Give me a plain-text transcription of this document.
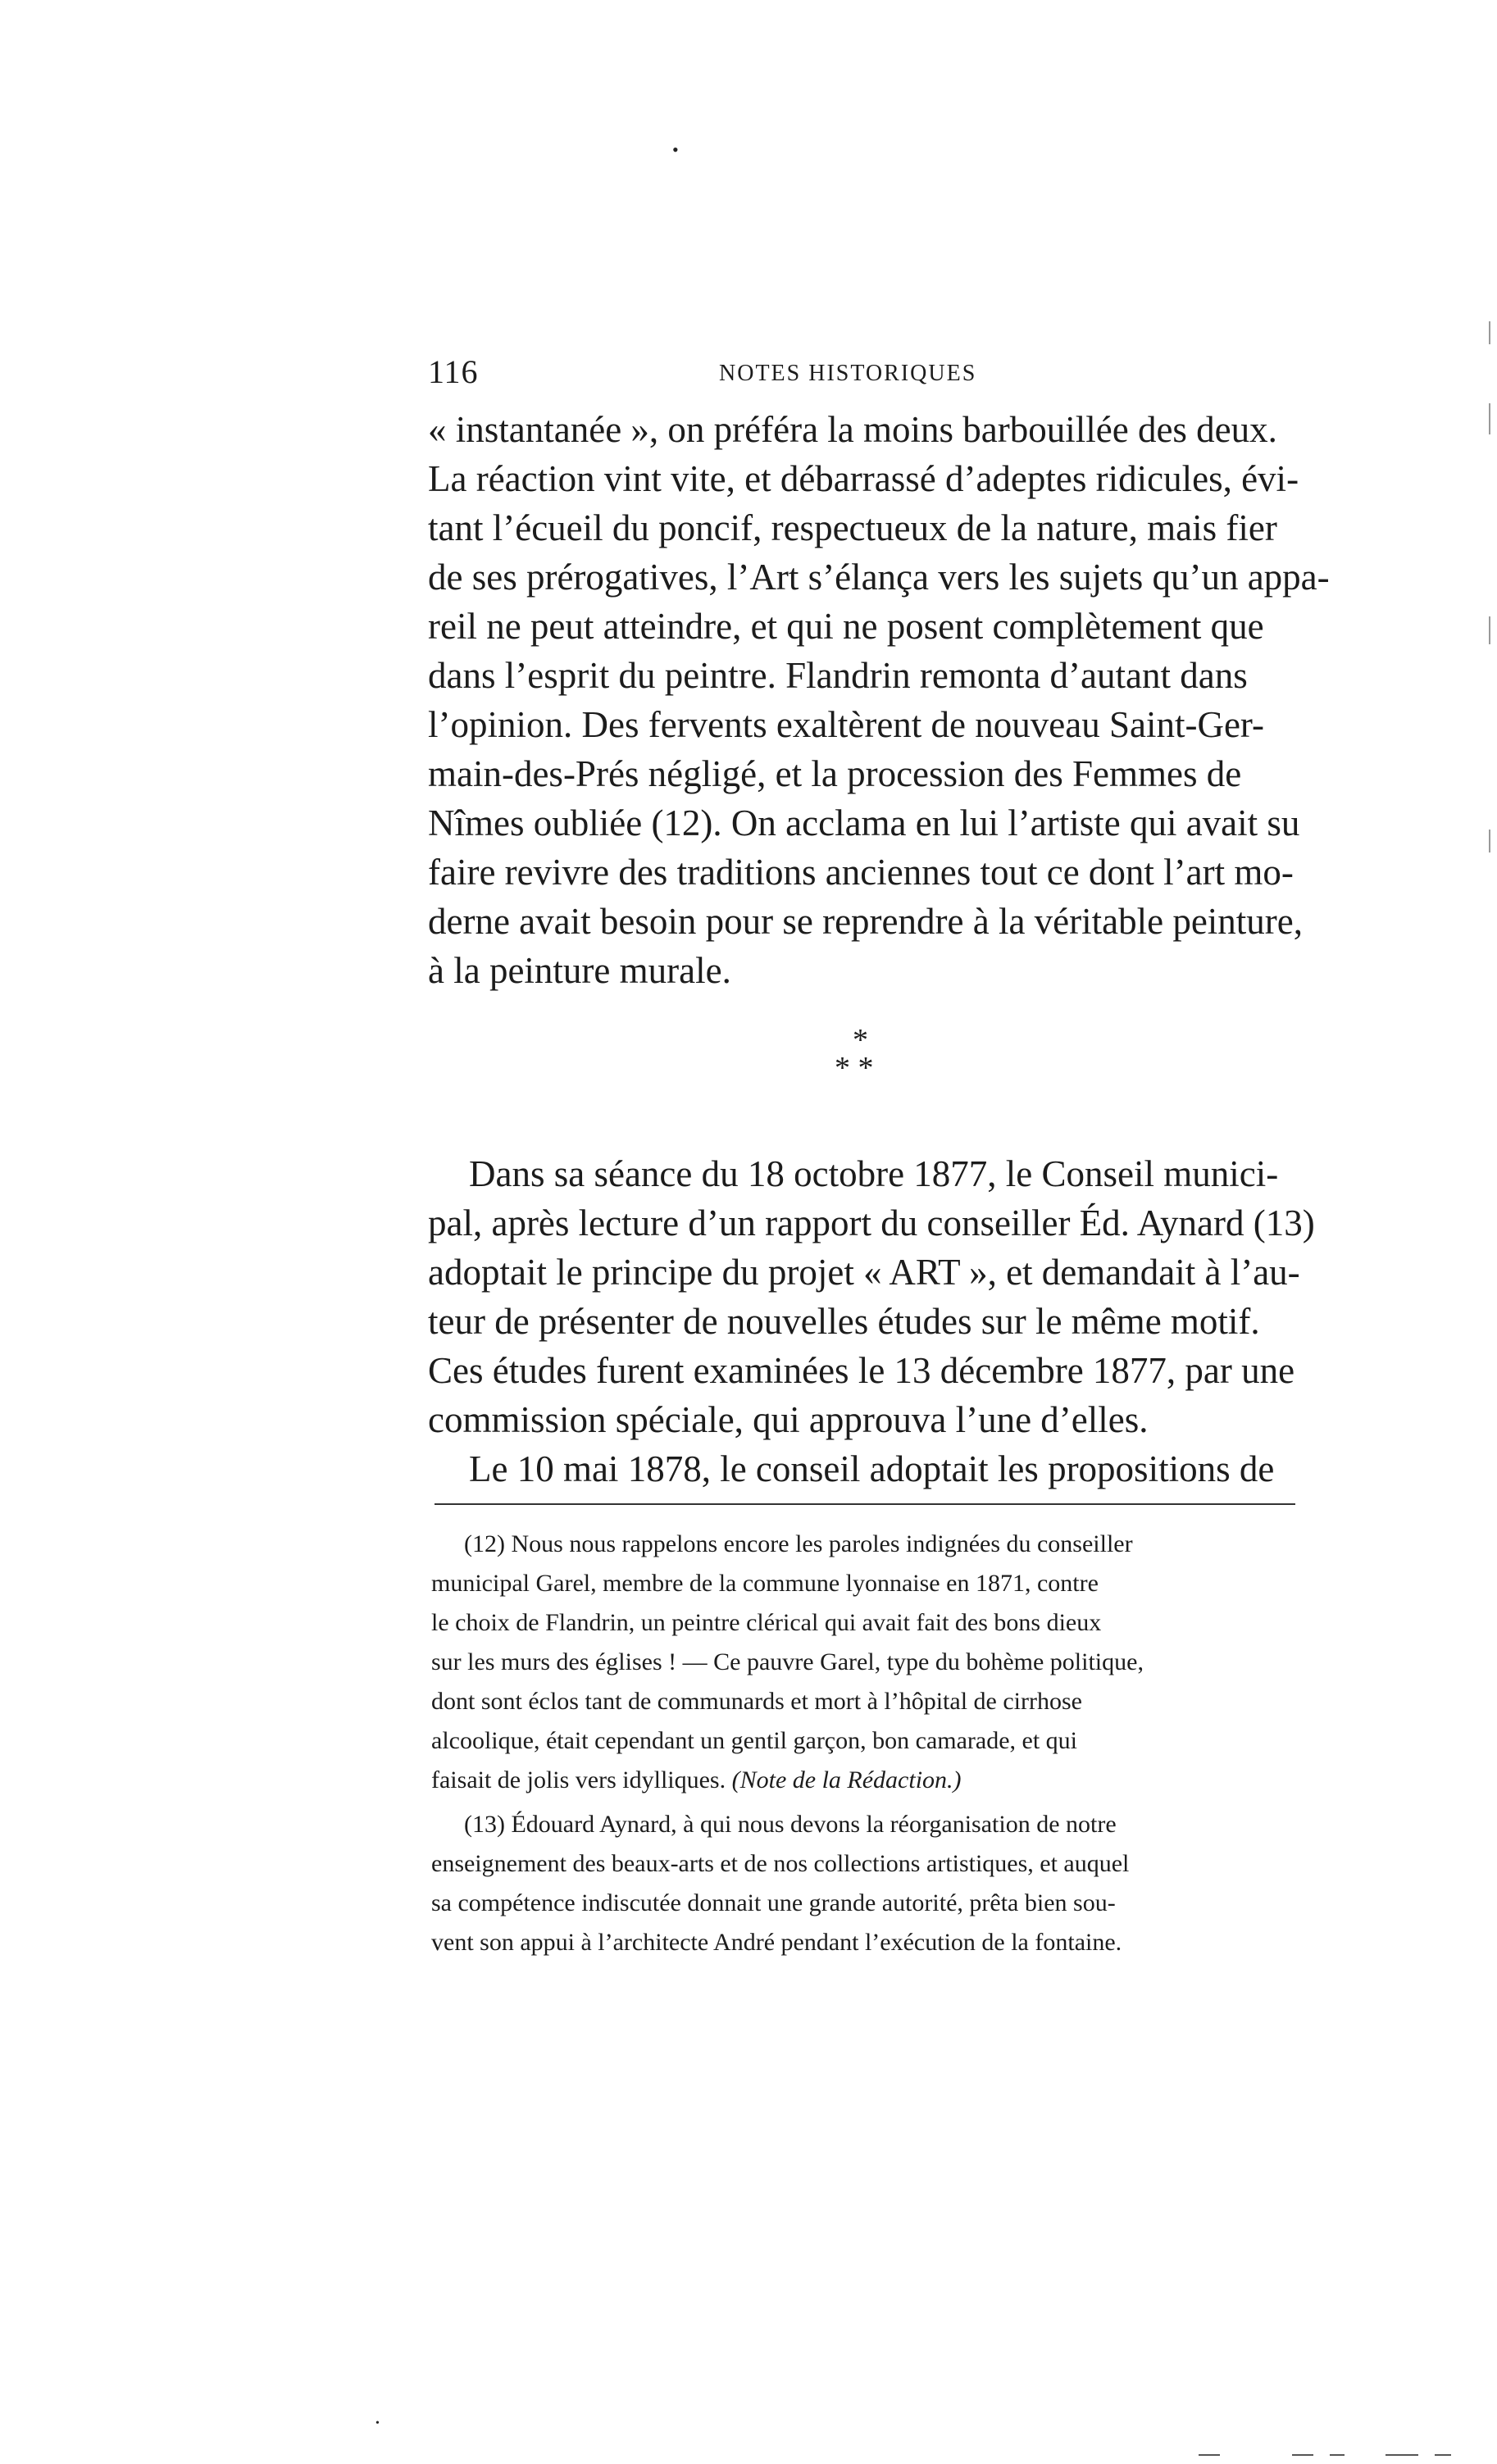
•
•
116	NOTES HISTORIQUES
« instantanée », on préféra la moins barbouillée des deux.
La réaction vint vite, et débarrassé d’adeptes ridicules, évi-
tant l’écueil du poncif, respectueux de la nature, mais fier
de ses prérogatives, l’Art s’élança vers les sujets qu’un appa-
reil ne peut atteindre, et qui ne posent complètement que
dans l’esprit du peintre. Flandrin remonta d’autant dans
l’opinion. Des fervents exaltèrent de nouveau Saint-Ger-
main-des-Prés négligé, et la procession des Femmes de
Nîmes oubliée (12). On acclama en lui l’artiste qui avait su
faire revivre des traditions anciennes tout ce dont l’art mo-
derne avait besoin pour se reprendre à la véritable peinture,
à la peinture murale.
*
* *
Dans sa séance du 18 octobre 1877, le Conseil munici-
pal, après lecture d’un rapport du conseiller Éd. Aynard (13)
adoptait le principe du projet « ART », et demandait à l’au-
teur de présenter de nouvelles études sur le même motif.
Ces études furent examinées le 13 décembre 1877, par une
commission spéciale, qui approuva l’une d’elles.
Le 10 mai 1878, le conseil adoptait les propositions de
(12) Nous nous rappelons encore les paroles indignées du conseiller
municipal Garel, membre de la commune lyonnaise en 1871, contre
le choix de Flandrin, un peintre clérical qui avait fait des bons dieux
sur les murs des églises ! — Ce pauvre Garel, type du bohème politique,
dont sont éclos tant de communards et mort à l’hôpital de cirrhose
alcoolique, était cependant un gentil garçon, bon camarade, et qui
faisait de jolis vers idylliques. (Note de la Rédaction.)
(13) Édouard Aynard, à qui nous devons la réorganisation de notre
enseignement des beaux-arts et de nos collections artistiques, et auquel
sa compétence indiscutée donnait une grande autorité, prêta bien sou-
vent son appui à l’architecte André pendant l’exécution de la fontaine.
